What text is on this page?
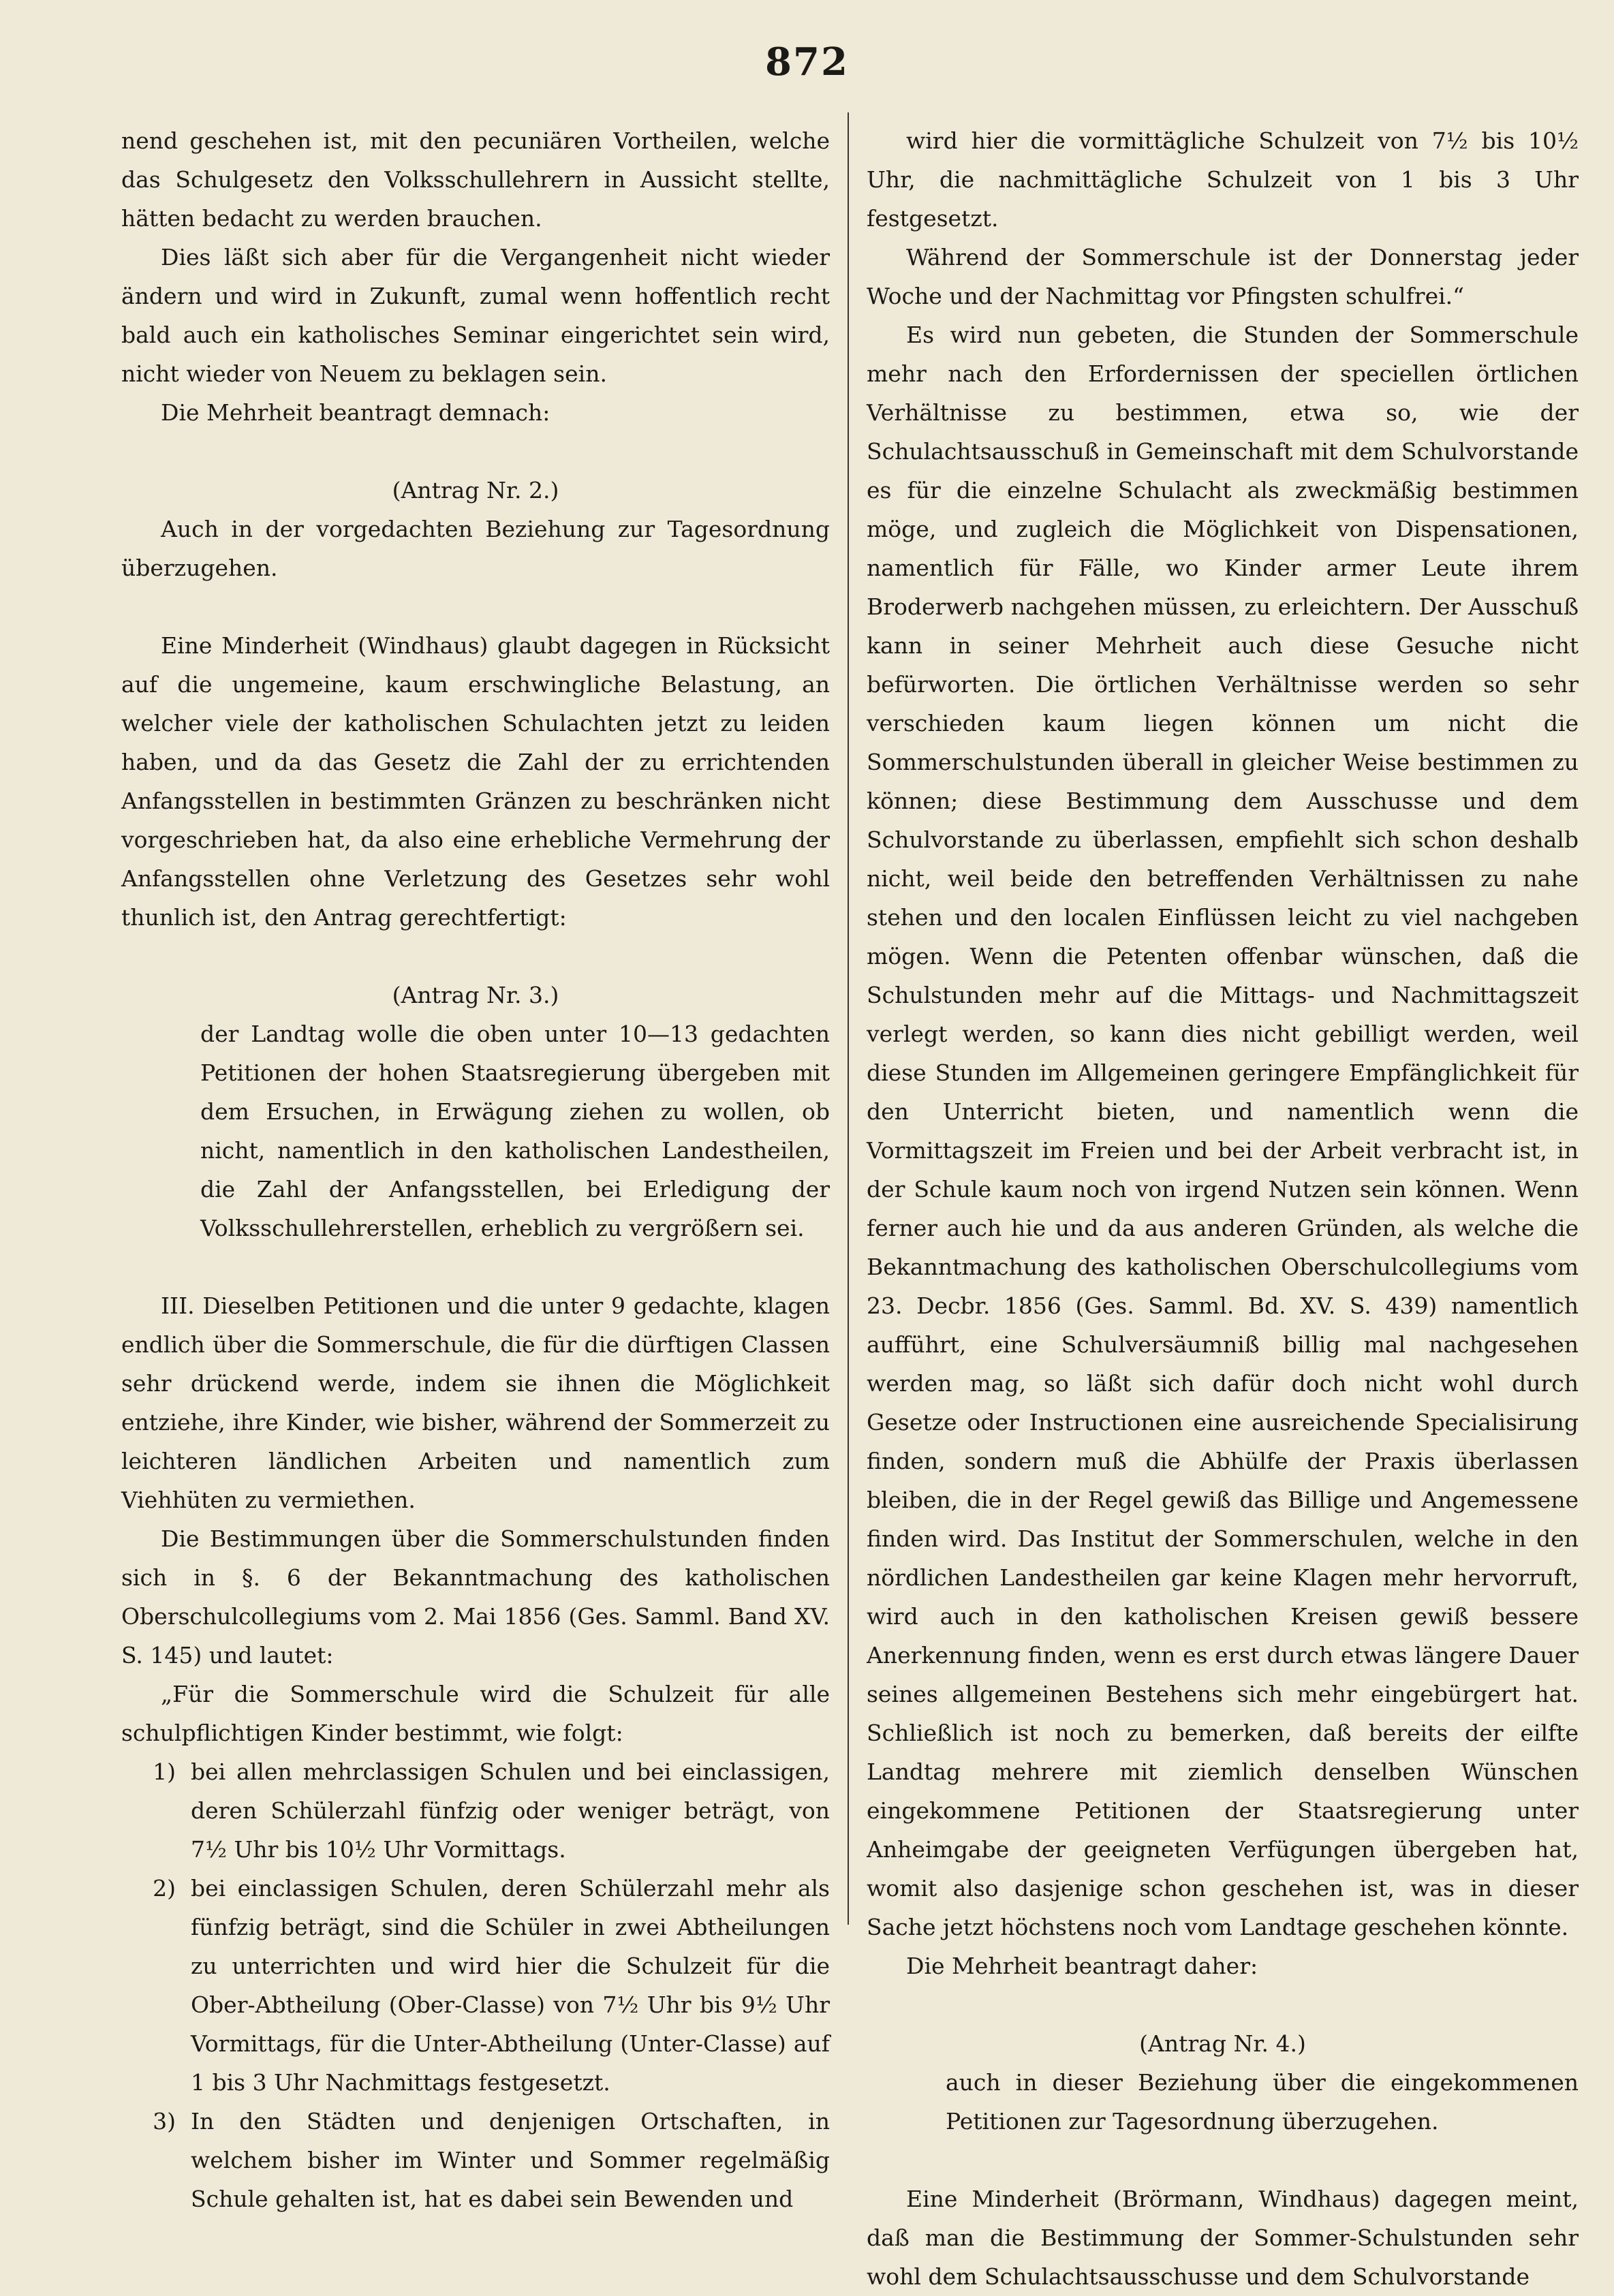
872

nend geschehen ist, mit den pecuniären Vortheilen, welche das Schulgesetz den Volksschullehrern in Aussicht stellte, hätten bedacht zu werden brauchen.

Dies läßt sich aber für die Vergangenheit nicht wieder ändern und wird in Zukunft, zumal wenn hoffentlich recht bald auch ein katholisches Seminar eingerichtet sein wird, nicht wieder von Neuem zu beklagen sein.

Die Mehrheit beantragt demnach:

(Antrag Nr. 2.)

Auch in der vorgedachten Beziehung zur Tagesordnung überzugehen.

Eine Minderheit (Windhaus) glaubt dagegen in Rücksicht auf die ungemeine, kaum erschwingliche Belastung, an welcher viele der katholischen Schulachten jetzt zu leiden haben, und da das Gesetz die Zahl der zu errichtenden Anfangsstellen in bestimmten Gränzen zu beschränken nicht vorgeschrieben hat, da also eine erhebliche Vermehrung der Anfangsstellen ohne Verletzung des Gesetzes sehr wohl thunlich ist, den Antrag gerechtfertigt:

(Antrag Nr. 3.)

der Landtag wolle die oben unter 10—13 gedachten Petitionen der hohen Staatsregierung übergeben mit dem Ersuchen, in Erwägung ziehen zu wollen, ob nicht, namentlich in den katholischen Landestheilen, die Zahl der Anfangsstellen, bei Erledigung der Volksschullehrerstellen, erheblich zu vergrößern sei.

III. Dieselben Petitionen und die unter 9 gedachte, klagen endlich über die Sommerschule, die für die dürftigen Classen sehr drückend werde, indem sie ihnen die Möglichkeit entziehe, ihre Kinder, wie bisher, während der Sommerzeit zu leichteren ländlichen Arbeiten und namentlich zum Viehhüten zu vermiethen.

Die Bestimmungen über die Sommerschulstunden finden sich in §. 6 der Bekanntmachung des katholischen Oberschulcollegiums vom 2. Mai 1856 (Ges. Samml. Band XV. S. 145) und lautet:

„Für die Sommerschule wird die Schulzeit für alle schulpflichtigen Kinder bestimmt, wie folgt:

1) bei allen mehrclassigen Schulen und bei einclassigen, deren Schülerzahl fünfzig oder weniger beträgt, von 7½ Uhr bis 10½ Uhr Vormittags.
2) bei einclassigen Schulen, deren Schülerzahl mehr als fünfzig beträgt, sind die Schüler in zwei Abtheilungen zu unterrichten und wird hier die Schulzeit für die Ober-Abtheilung (Ober-Classe) von 7½ Uhr bis 9½ Uhr Vormittags, für die Unter-Abtheilung (Unter-Classe) auf 1 bis 3 Uhr Nachmittags festgesetzt.
3) In den Städten und denjenigen Ortschaften, in welchem bisher im Winter und Sommer regelmäßig Schule gehalten ist, hat es dabei sein Bewenden und

wird hier die vormittägliche Schulzeit von 7½ bis 10½ Uhr, die nachmittägliche Schulzeit von 1 bis 3 Uhr festgesetzt.

Während der Sommerschule ist der Donnerstag jeder Woche und der Nachmittag vor Pfingsten schulfrei.“

Es wird nun gebeten, die Stunden der Sommerschule mehr nach den Erfordernissen der speciellen örtlichen Verhältnisse zu bestimmen, etwa so, wie der Schulachtsausschuß in Gemeinschaft mit dem Schulvorstande es für die einzelne Schulacht als zweckmäßig bestimmen möge, und zugleich die Möglichkeit von Dispensationen, namentlich für Fälle, wo Kinder armer Leute ihrem Broderwerb nachgehen müssen, zu erleichtern. Der Ausschuß kann in seiner Mehrheit auch diese Gesuche nicht befürworten. Die örtlichen Verhältnisse werden so sehr verschieden kaum liegen können um nicht die Sommerschulstunden überall in gleicher Weise bestimmen zu können; diese Bestimmung dem Ausschusse und dem Schulvorstande zu überlassen, empfiehlt sich schon deshalb nicht, weil beide den betreffenden Verhältnissen zu nahe stehen und den localen Einflüssen leicht zu viel nachgeben mögen. Wenn die Petenten offenbar wünschen, daß die Schulstunden mehr auf die Mittags- und Nachmittagszeit verlegt werden, so kann dies nicht gebilligt werden, weil diese Stunden im Allgemeinen geringere Empfänglichkeit für den Unterricht bieten, und namentlich wenn die Vormittagszeit im Freien und bei der Arbeit verbracht ist, in der Schule kaum noch von irgend Nutzen sein können. Wenn ferner auch hie und da aus anderen Gründen, als welche die Bekanntmachung des katholischen Oberschulcollegiums vom 23. Decbr. 1856 (Ges. Samml. Bd. XV. S. 439) namentlich aufführt, eine Schulversäumniß billig mal nachgesehen werden mag, so läßt sich dafür doch nicht wohl durch Gesetze oder Instructionen eine ausreichende Specialisirung finden, sondern muß die Abhülfe der Praxis überlassen bleiben, die in der Regel gewiß das Billige und Angemessene finden wird. Das Institut der Sommerschulen, welche in den nördlichen Landestheilen gar keine Klagen mehr hervorruft, wird auch in den katholischen Kreisen gewiß bessere Anerkennung finden, wenn es erst durch etwas längere Dauer seines allgemeinen Bestehens sich mehr eingebürgert hat. Schließlich ist noch zu bemerken, daß bereits der eilfte Landtag mehrere mit ziemlich denselben Wünschen eingekommene Petitionen der Staatsregierung unter Anheimgabe der geeigneten Verfügungen übergeben hat, womit also dasjenige schon geschehen ist, was in dieser Sache jetzt höchstens noch vom Landtage geschehen könnte.

Die Mehrheit beantragt daher:

(Antrag Nr. 4.)

auch in dieser Beziehung über die eingekommenen Petitionen zur Tagesordnung überzugehen.

Eine Minderheit (Brörmann, Windhaus) dagegen meint, daß man die Bestimmung der Sommer-Schulstunden sehr wohl dem Schulachtsausschusse und dem Schulvorstande
